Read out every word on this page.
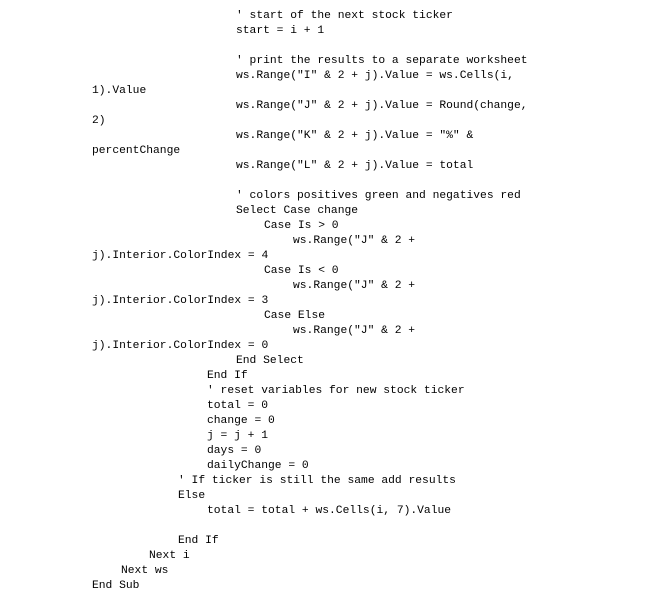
' start of the next stock ticker
start = i + 1
' print the results to a separate worksheet
ws.Range("I" & 2 + j).Value = ws.Cells(i,
1).Value
ws.Range("J" & 2 + j).Value = Round(change,
2)
ws.Range("K" & 2 + j).Value = "%" &
percentChange
ws.Range("L" & 2 + j).Value = total
' colors positives green and negatives red
Select Case change
Case Is > 0
ws.Range("J" & 2 +
j).Interior.ColorIndex = 4
Case Is < 0
ws.Range("J" & 2 +
j).Interior.ColorIndex = 3
Case Else
ws.Range("J" & 2 +
j).Interior.ColorIndex = 0
End Select
End If
' reset variables for new stock ticker
total = 0
change = 0
j = j + 1
days = 0
dailyChange = 0
' If ticker is still the same add results
Else
total = total + ws.Cells(i, 7).Value
End If
Next i
Next ws
End Sub
